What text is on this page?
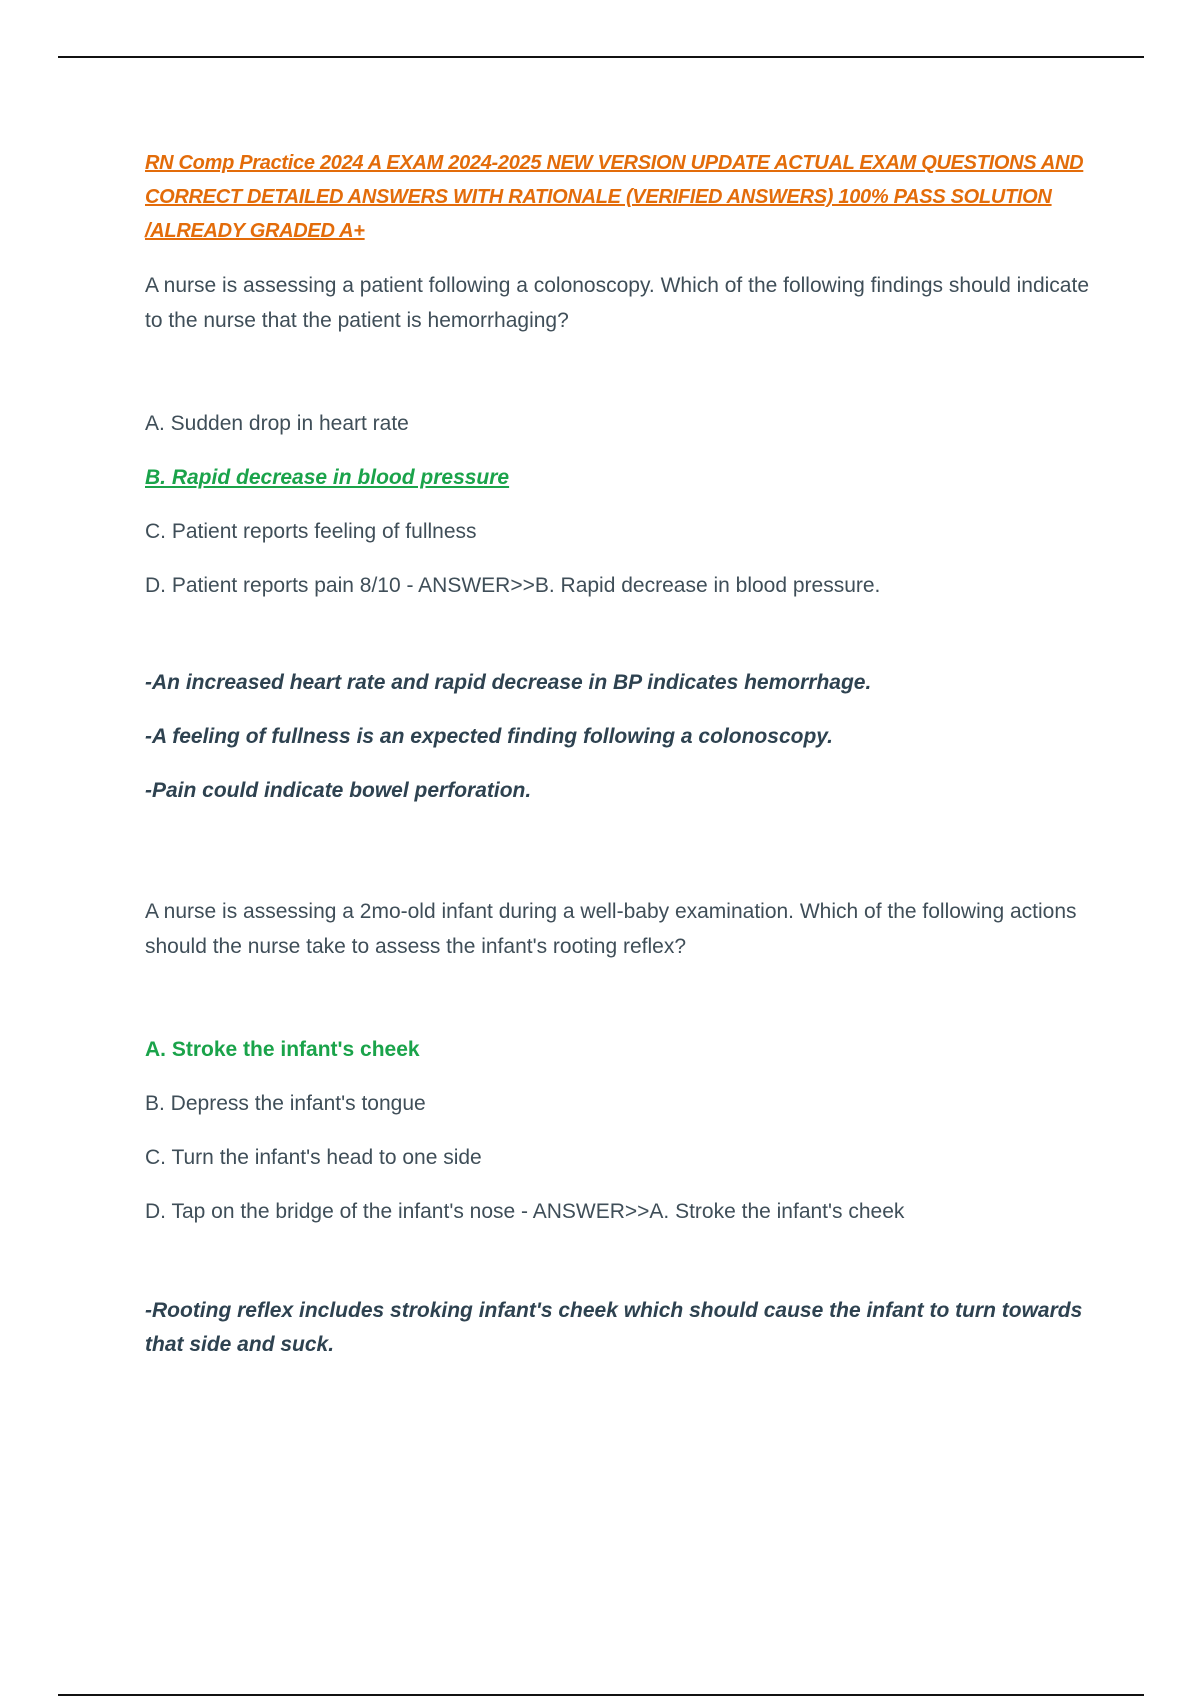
RN Comp Practice 2024 A EXAM 2024-2025 NEW VERSION UPDATE ACTUAL EXAM QUESTIONS AND CORRECT DETAILED ANSWERS WITH RATIONALE (VERIFIED ANSWERS) 100% PASS SOLUTION /ALREADY GRADED A+

A nurse is assessing a patient following a colonoscopy. Which of the following findings should indicate to the nurse that the patient is hemorrhaging?

A. Sudden drop in heart rate
B. Rapid decrease in blood pressure
C. Patient reports feeling of fullness
D. Patient reports pain 8/10 - ANSWER>>B. Rapid decrease in blood pressure.
-An increased heart rate and rapid decrease in BP indicates hemorrhage.
-A feeling of fullness is an expected finding following a colonoscopy.
-Pain could indicate bowel perforation.

A nurse is assessing a 2mo-old infant during a well-baby examination. Which of the following actions should the nurse take to assess the infant's rooting reflex?

A. Stroke the infant's cheek
B. Depress the infant's tongue
C. Turn the infant's head to one side
D. Tap on the bridge of the infant's nose - ANSWER>>A. Stroke the infant's cheek
-Rooting reflex includes stroking infant's cheek which should cause the infant to turn towards that side and suck.
